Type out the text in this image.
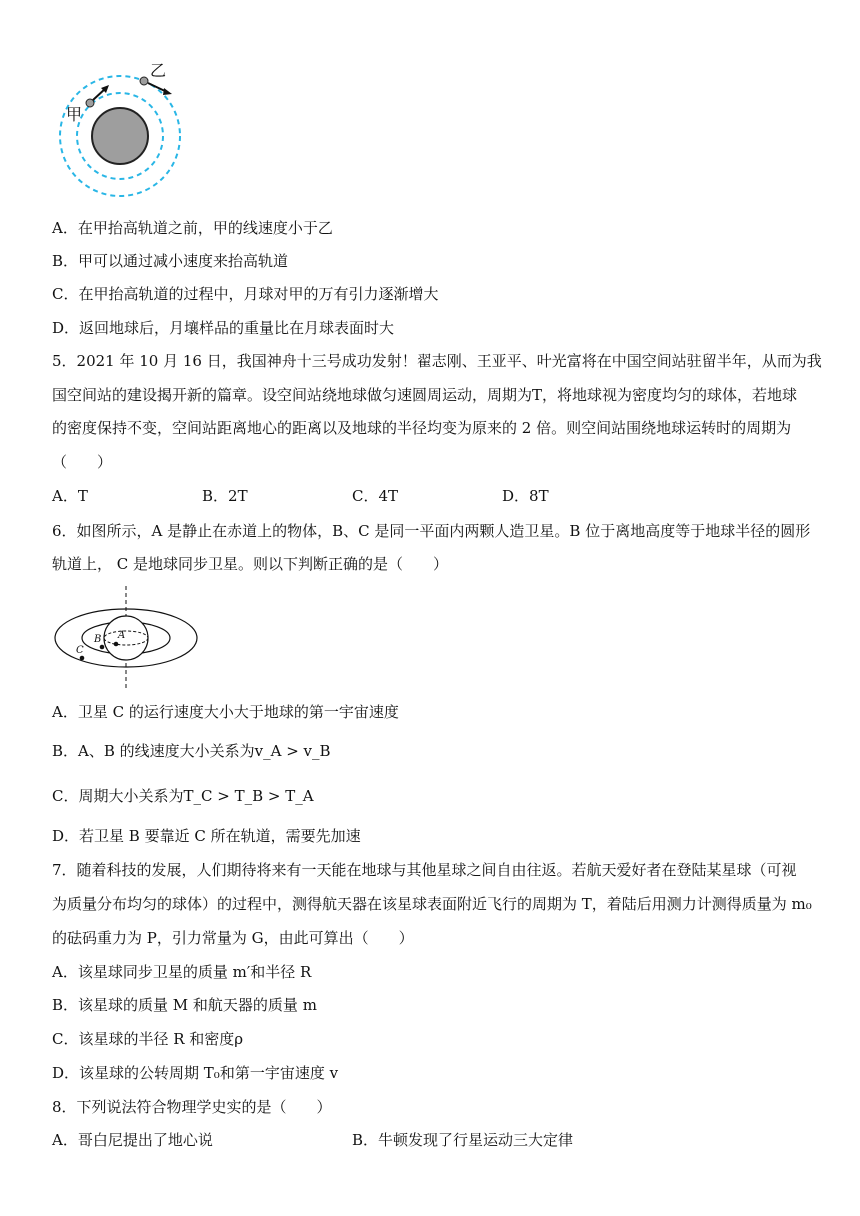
甲
乙
A．在甲抬高轨道之前，甲的线速度小于乙
B．甲可以通过减小速度来抬高轨道
C．在甲抬高轨道的过程中，月球对甲的万有引力逐渐增大
D．返回地球后，月壤样品的重量比在月球表面时大
5．2021 年 10 月 16 日，我国神舟十三号成功发射！翟志刚、王亚平、叶光富将在中国空间站驻留半年，从而为我
国空间站的建设揭开新的篇章。设空间站绕地球做匀速圆周运动，周期为T，将地球视为密度均匀的球体，若地球
的密度保持不变，空间站距离地心的距离以及地球的半径均变为原来的 2 倍。则空间站围绕地球运转时的周期为
（　　）
A．T	B．2T	C．4T	D．8T
6．如图所示，A 是静止在赤道上的物体，B、C 是同一平面内两颗人造卫星。B 位于离地高度等于地球半径的圆形
轨道上， C 是地球同步卫星。则以下判断正确的是（　　）
A
B
C
A．卫星 C 的运行速度大小大于地球的第一宇宙速度
B．A、B 的线速度大小关系为v_A > v_B
C．周期大小关系为T_C > T_B > T_A
D．若卫星 B 要靠近 C 所在轨道，需要先加速
7．随着科技的发展，人们期待将来有一天能在地球与其他星球之间自由往返。若航天爱好者在登陆某星球（可视
为质量分布均匀的球体）的过程中，测得航天器在该星球表面附近飞行的周期为 T，着陆后用测力计测得质量为 m₀
的砝码重力为 P，引力常量为 G，由此可算出（　　）
A．该星球同步卫星的质量 m′和半径 R
B．该星球的质量 M 和航天器的质量 m
C．该星球的半径 R 和密度ρ
D．该星球的公转周期 T₀和第一宇宙速度 v
8．下列说法符合物理学史实的是（　　）
A．哥白尼提出了地心说	B．牛顿发现了行星运动三大定律
